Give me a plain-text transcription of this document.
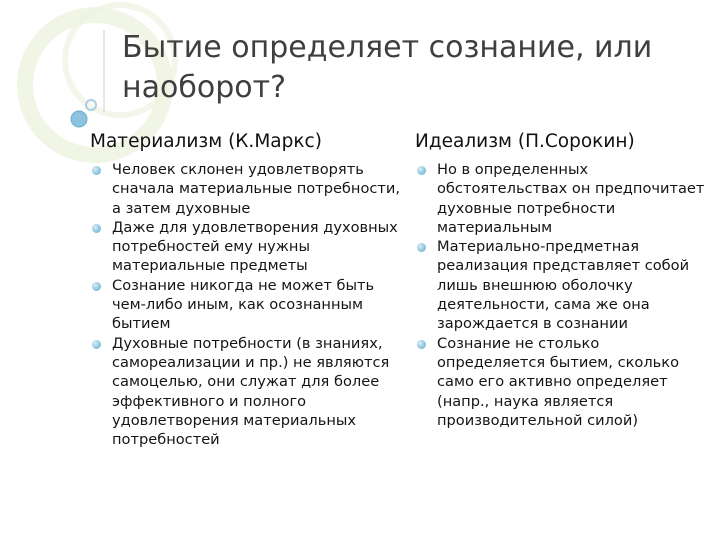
Бытие определяет сознание, или
наоборот?
Материализм (К.Маркс)
Человек склонен удовлетворять сначала материальные потребности, а затем духовные
Даже для удовлетворения духовных потребностей ему нужны материальные предметы
Сознание никогда не может быть чем-либо иным, как осознанным бытием
Духовные потребности (в знаниях, самореализации и пр.) не являются самоцелью, они служат для более эффективного и полного удовлетворения материальных потребностей
Идеализм (П.Сорокин)
Но в определенных обстоятельствах он предпочитает духовные потребности материальным
Материально-предметная реализация представляет собой лишь внешнюю оболочку деятельности, сама же она зарождается в сознании
Сознание не столько определяется бытием, сколько само его активно определяет (напр., наука является производительной силой)
